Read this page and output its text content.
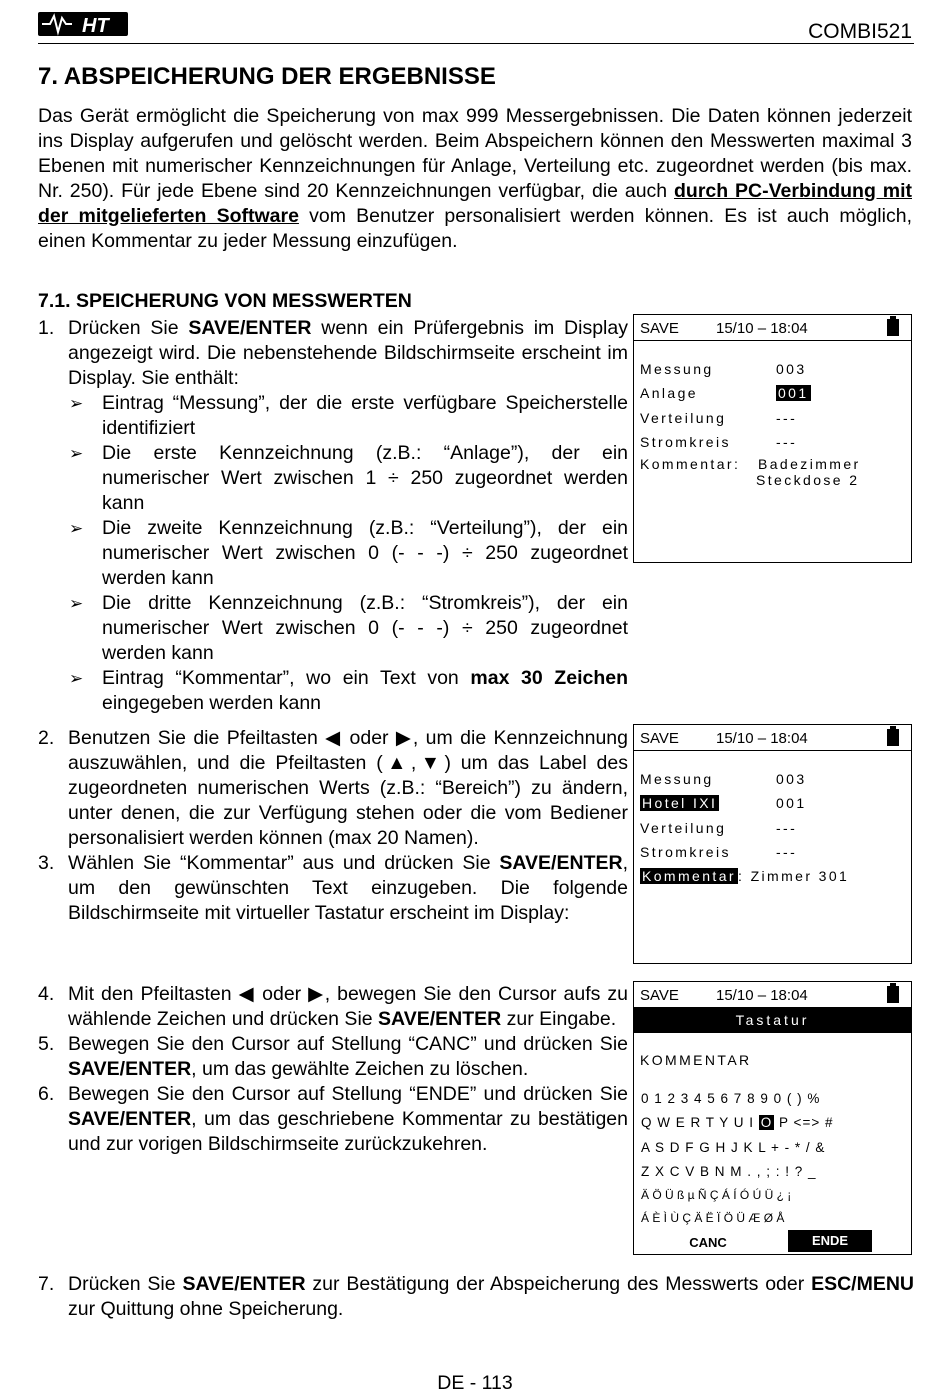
HT	COMBI521
7. ABSPEICHERUNG DER ERGEBNISSE
Das Gerät ermöglicht die Speicherung von max 999 Messergebnissen. Die Daten können jederzeit ins Display aufgerufen und gelöscht werden. Beim Abspeichern können den Messwerten maximal 3 Ebenen mit numerischer Kennzeichnungen für Anlage, Verteilung etc. zugeordnet werden (bis max. Nr. 250). Für jede Ebene sind 20 Kennzeichnungen verfügbar, die auch durch PC-Verbindung mit der mitgelieferten Software vom Benutzer personalisiert werden können. Es ist auch möglich, einen Kommentar zu jeder Messung einzufügen.
7.1. SPEICHERUNG VON MESSWERTEN
1. Drücken Sie SAVE/ENTER wenn ein Prüfergebnis im Display angezeigt wird. Die nebenstehende Bildschirmseite erscheint im Display. Sie enthält:
➢ Eintrag “Messung”, der die erste verfügbare Speicherstelle identifiziert
➢ Die erste Kennzeichnung (z.B.: “Anlage”), der ein numerischer Wert zwischen 1 ÷ 250 zugeordnet werden kann
➢ Die zweite Kennzeichnung (z.B.: “Verteilung”), der ein numerischer Wert zwischen 0 (- - -) ÷ 250 zugeordnet werden kann
➢ Die dritte Kennzeichnung (z.B.: “Stromkreis”), der ein numerischer Wert zwischen 0 (- - -) ÷ 250 zugeordnet werden kann
➢ Eintrag “Kommentar”, wo ein Text von max 30 Zeichen eingegeben werden kann
2. Benutzen Sie die Pfeiltasten ◀ oder ▶, um die Kennzeichnung auszuwählen, und die Pfeiltasten (▲,▼) um das Label des zugeordneten numerischen Werts (z.B.: “Bereich”) zu ändern, unter denen, die zur Verfügung stehen oder die vom Bediener personalisiert werden können (max 20 Namen).
3. Wählen Sie “Kommentar” aus und drücken Sie SAVE/ENTER, um den gewünschten Text einzugeben. Die folgende Bildschirmseite mit virtueller Tastatur erscheint im Display:
4. Mit den Pfeiltasten ◀ oder ▶, bewegen Sie den Cursor aufs zu wählende Zeichen und drücken Sie SAVE/ENTER zur Eingabe.
5. Bewegen Sie den Cursor auf Stellung “CANC” und drücken Sie SAVE/ENTER, um das gewählte Zeichen zu löschen.
6. Bewegen Sie den Cursor auf Stellung “ENDE” und drücken Sie SAVE/ENTER, um das geschriebene Kommentar zu bestätigen und zur vorigen Bildschirmseite zurückzukehren.
7. Drücken Sie SAVE/ENTER zur Bestätigung der Abspeicherung des Messwerts oder ESC/MENU zur Quittung ohne Speicherung.
SAVE 15/10 – 18:04
Messung	003
Anlage	001
Verteilung	---
Stromkreis	---
Kommentar: Badezimmer
Steckdose 2
SAVE 15/10 – 18:04
Messung	003
Hotel IXI	001
Verteilung	---
Stromkreis	---
Kommentar : Zimmer 301
SAVE 15/10 – 18:04
Tastatur
KOMMENTAR
0 1 2 3 4 5 6 7 8 9 0 ( ) %
Q W E R T Y U I O P <=> #
A S D F G H J K L + - * / &
Z X C V B N M . , ; : ! ? _
Ä Ö Ü ß µ Ñ Ç Á Í Ó Ú Ü ¿ ¡
Á È Ì Ù Ç Ä Ë Ï Ö Ü Æ Ø Å
CANC	ENDE
DE - 113
